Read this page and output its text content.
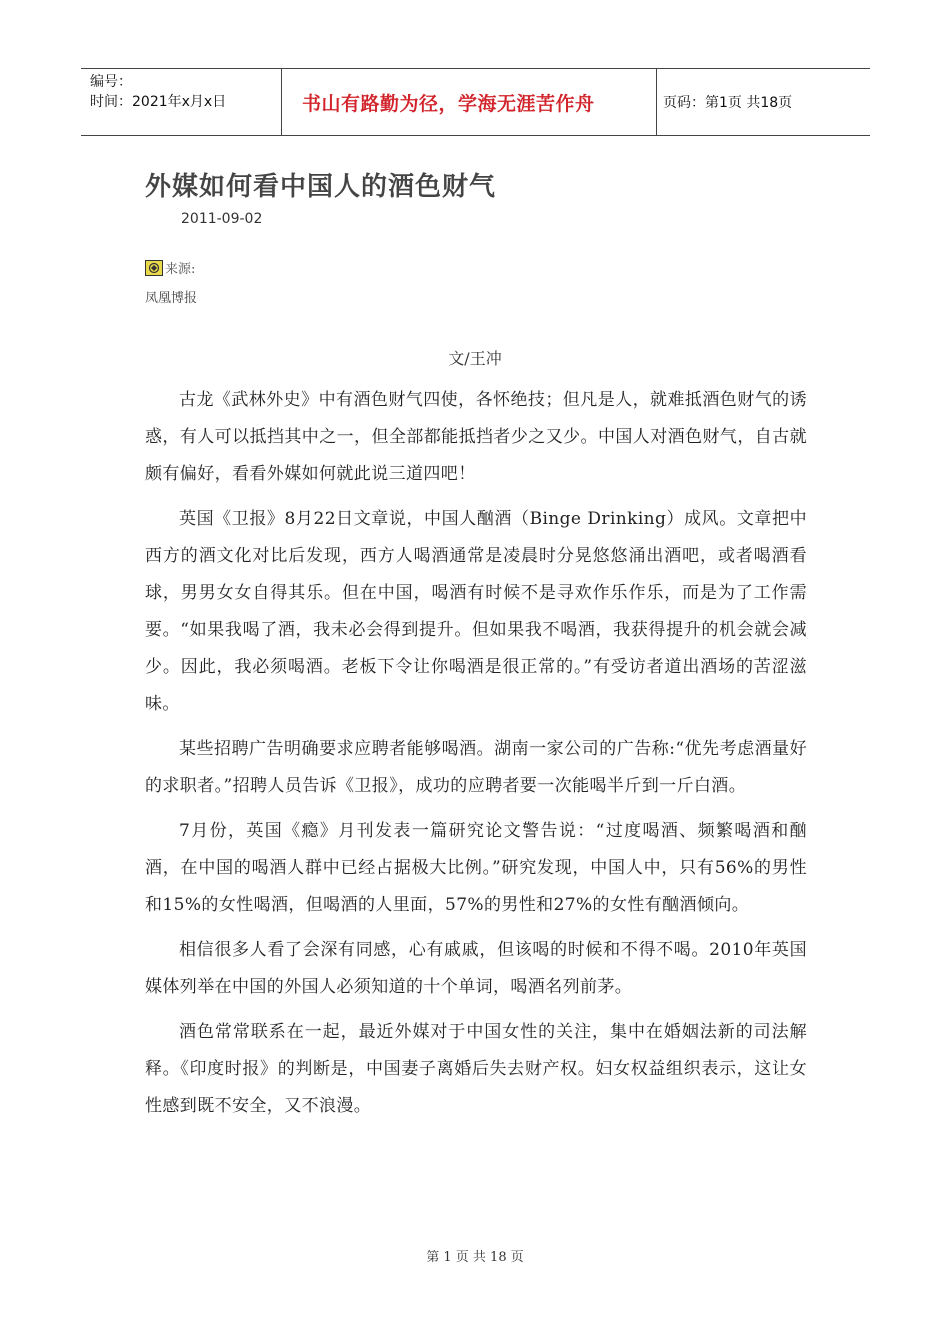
编号：
时间：2021年x月x日	书山有路勤为径，学海无涯苦作舟	页码：第1页 共18页
外媒如何看中国人的酒色财气
2011-09-02
来源:
凤凰博报
文/王冲

古龙《武林外史》中有酒色财气四使，各怀绝技；但凡是人，就难抵酒色财气的诱惑，有人可以抵挡其中之一，但全部都能抵挡者少之又少。中国人对酒色财气，自古就颇有偏好，看看外媒如何就此说三道四吧！

英国《卫报》8月22日文章说，中国人酗酒（Binge Drinking）成风。文章把中西方的酒文化对比后发现，西方人喝酒通常是凌晨时分晃悠悠涌出酒吧，或者喝酒看球，男男女女自得其乐。但在中国，喝酒有时候不是寻欢作乐作乐，而是为了工作需要。“如果我喝了酒，我未必会得到提升。但如果我不喝酒，我获得提升的机会就会减少。因此，我必须喝酒。老板下令让你喝酒是很正常的。”有受访者道出酒场的苦涩滋味。

某些招聘广告明确要求应聘者能够喝酒。湖南一家公司的广告称:“优先考虑酒量好的求职者。”招聘人员告诉《卫报》，成功的应聘者要一次能喝半斤到一斤白酒。

7月份，英国《瘾》月刊发表一篇研究论文警告说：“过度喝酒、频繁喝酒和酗酒，在中国的喝酒人群中已经占据极大比例。”研究发现，中国人中，只有56%的男性和15%的女性喝酒，但喝酒的人里面，57%的男性和27%的女性有酗酒倾向。

相信很多人看了会深有同感，心有戚戚，但该喝的时候和不得不喝。2010年英国媒体列举在中国的外国人必须知道的十个单词，喝酒名列前茅。

酒色常常联系在一起，最近外媒对于中国女性的关注，集中在婚姻法新的司法解释。《印度时报》的判断是，中国妻子离婚后失去财产权。妇女权益组织表示，这让女性感到既不安全，又不浪漫。

第 1 页 共 18 页
